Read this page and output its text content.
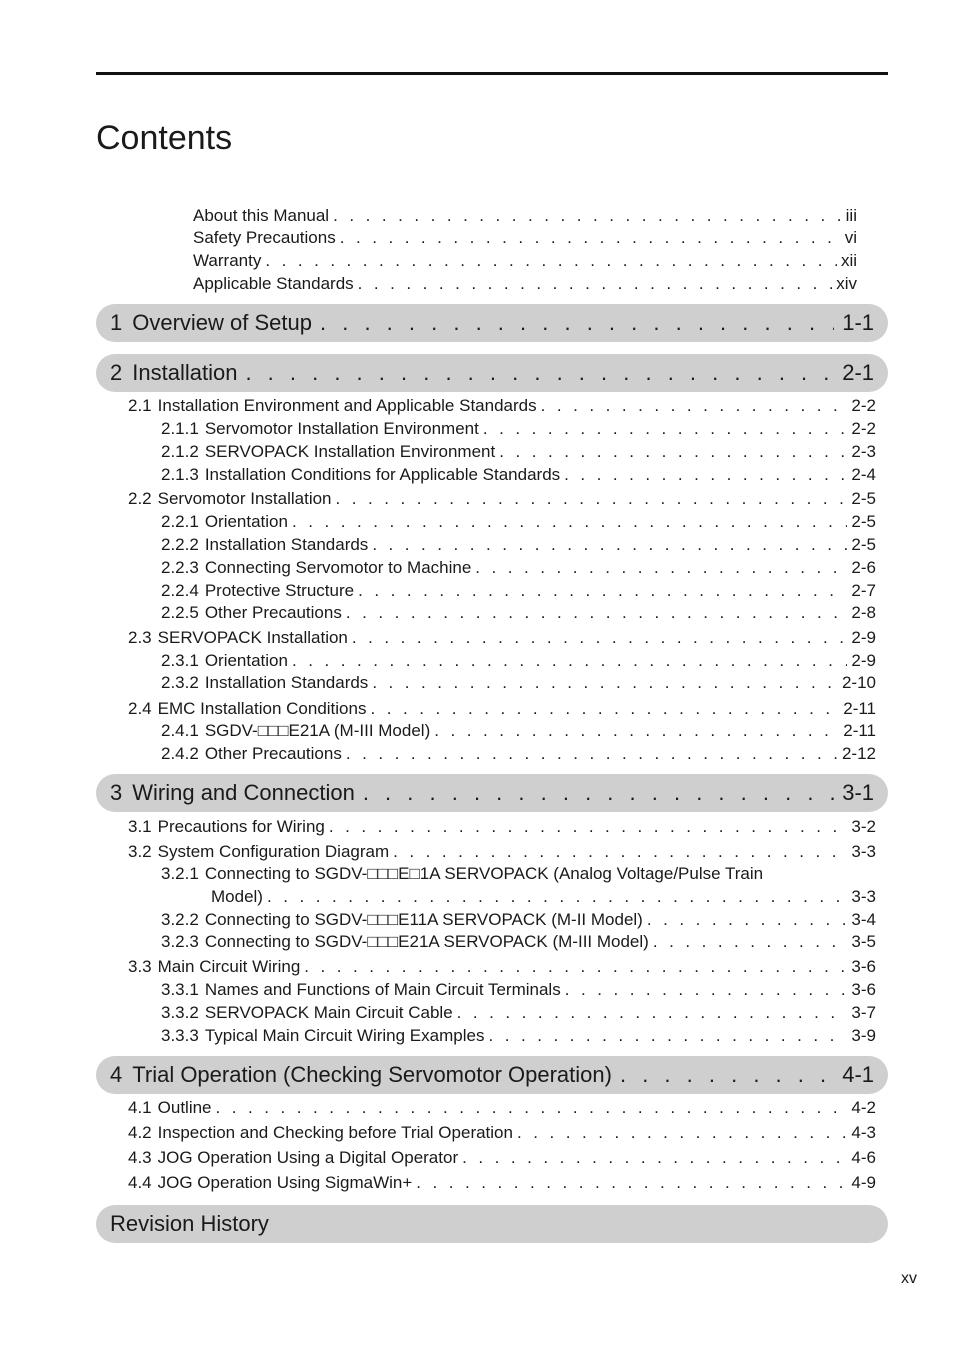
Contents
About this Manual . . .	iii
Safety Precautions . . .	vi
Warranty . . .	xii
Applicable Standards . . .	xiv
1 Overview of Setup . . .	1-1
2 Installation . . .	2-1
2.1 Installation Environment and Applicable Standards . . .	2-2
2.1.1 Servomotor Installation Environment . . .	2-2
2.1.2 SERVOPACK Installation Environment . . .	2-3
2.1.3 Installation Conditions for Applicable Standards . . .	2-4
2.2 Servomotor Installation . . .	2-5
2.2.1 Orientation . . .	2-5
2.2.2 Installation Standards . . .	2-5
2.2.3 Connecting Servomotor to Machine . . .	2-6
2.2.4 Protective Structure . . .	2-7
2.2.5 Other Precautions . . .	2-8
2.3 SERVOPACK Installation . . .	2-9
2.3.1 Orientation . . .	2-9
2.3.2 Installation Standards . . .	2-10
2.4 EMC Installation Conditions . . .	2-11
2.4.1 SGDV-□□□E21A (M-III Model) . . .	2-11
2.4.2 Other Precautions . . .	2-12
3 Wiring and Connection . . .	3-1
3.1 Precautions for Wiring . . .	3-2
3.2 System Configuration Diagram . . .	3-3
3.2.1 Connecting to SGDV-□□□E□1A SERVOPACK (Analog Voltage/Pulse Train
Model) . . .	3-3
3.2.2 Connecting to SGDV-□□□E11A SERVOPACK (M-II Model) . . .	3-4
3.2.3 Connecting to SGDV-□□□E21A SERVOPACK (M-III Model) . . .	3-5
3.3 Main Circuit Wiring . . .	3-6
3.3.1 Names and Functions of Main Circuit Terminals . . .	3-6
3.3.2 SERVOPACK Main Circuit Cable . . .	3-7
3.3.3 Typical Main Circuit Wiring Examples . . .	3-9
4 Trial Operation (Checking Servomotor Operation) . . .	4-1
4.1 Outline . . .	4-2
4.2 Inspection and Checking before Trial Operation . . .	4-3
4.3 JOG Operation Using a Digital Operator . . .	4-6
4.4 JOG Operation Using SigmaWin+ . . .	4-9
Revision History
xv
